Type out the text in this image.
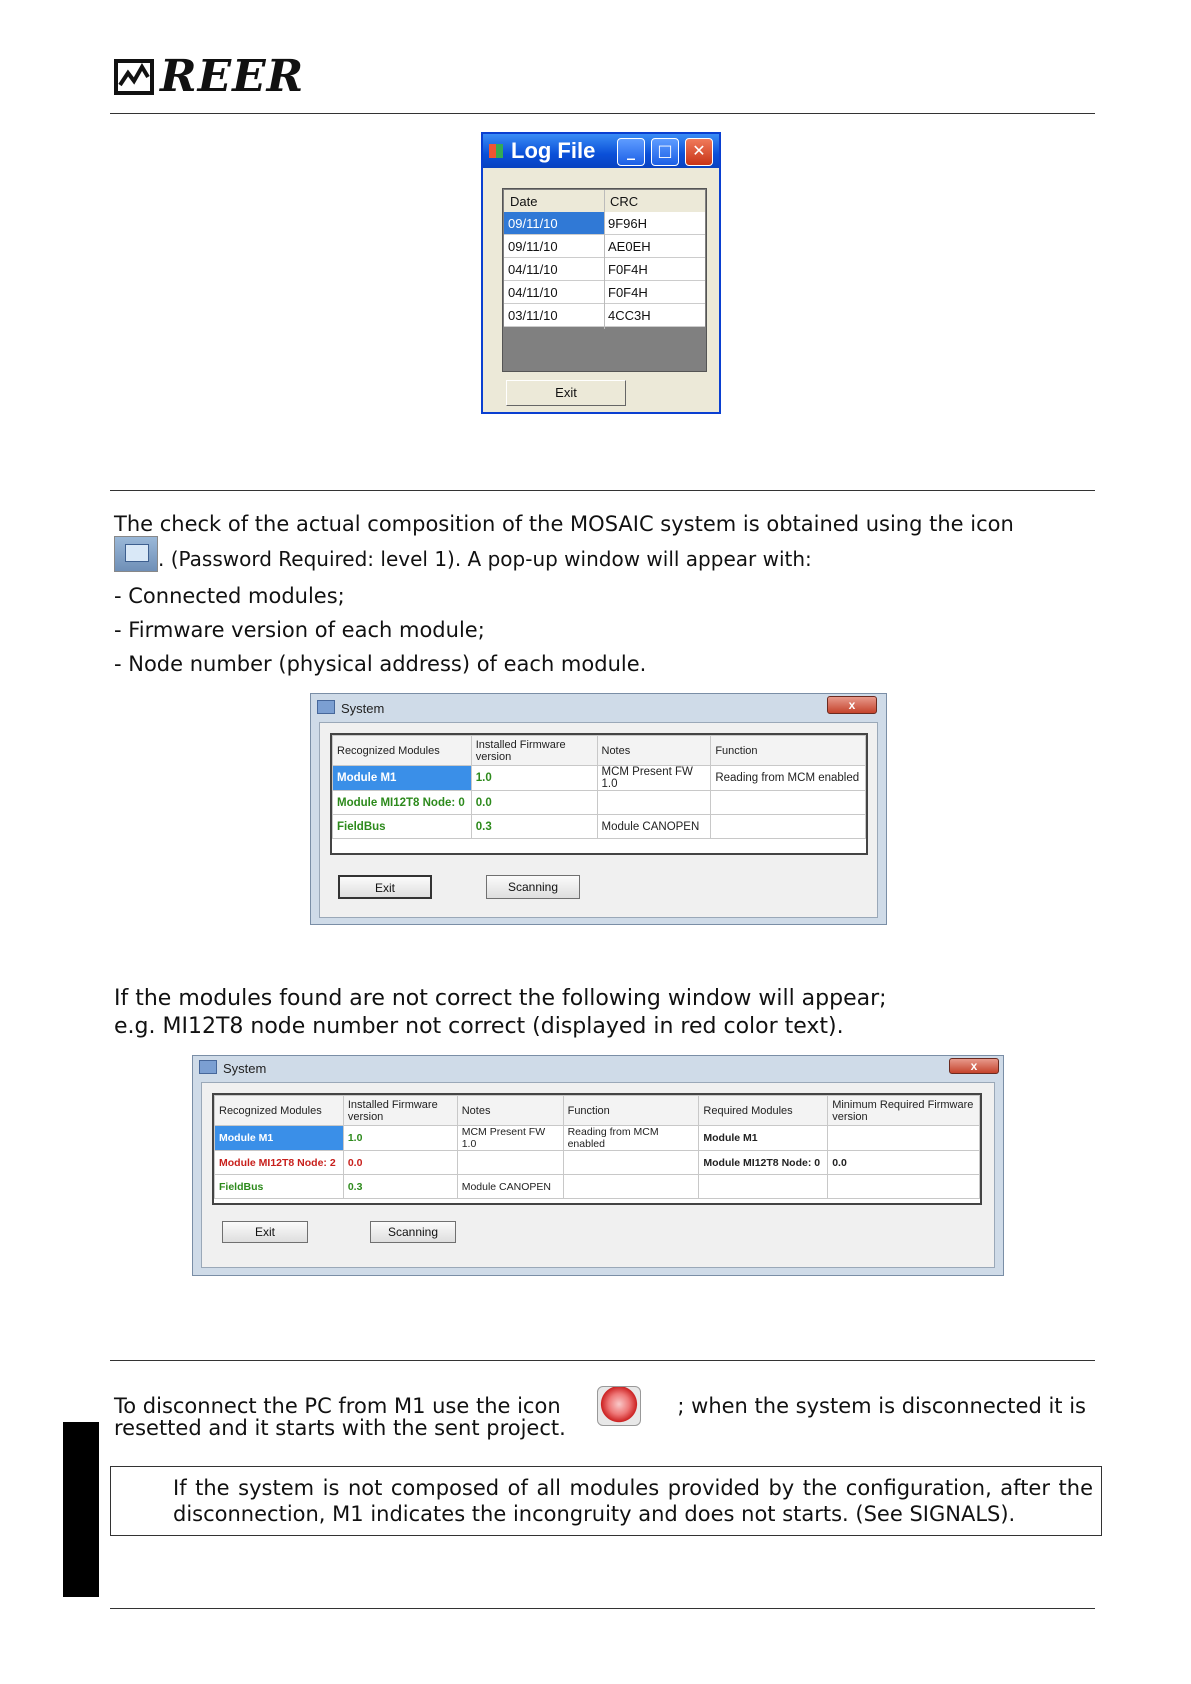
REER
Log File	_	□	✕
Date	CRC
09/11/10	9F96H
09/11/10	AE0EH
04/11/10	F0F4H
04/11/10	F0F4H
03/11/10	4CC3H
Exit
The check of the actual composition of the MOSAIC system is obtained using the icon
. (Password Required: level 1). A pop-up window will appear with:
- Connected modules;
- Firmware version of each module;
- Node number (physical address) of each module.
System	x
Recognized Modules	Installed Firmware version	Notes	Function
Module M1	1.0	MCM Present FW 1.0	Reading from MCM enabled
Module MI12T8 Node: 0	0.0		
FieldBus	0.3	Module CANOPEN	
Exit	Scanning
If the modules found are not correct the following window will appear;
e.g. MI12T8 node number not correct (displayed in red color text).
System	x
Recognized Modules	Installed Firmware version	Notes	Function	Required Modules	Minimum Required Firmware version
Module M1	1.0	MCM Present FW 1.0	Reading from MCM enabled	Module M1	
Module MI12T8 Node: 2	0.0			Module MI12T8 Node: 0	0.0
FieldBus	0.3	Module CANOPEN			
Exit	Scanning
To disconnect the PC from M1 use the icon	; when the system is disconnected it is
resetted and it starts with the sent project.

If the system is not composed of all modules provided by the configuration, after the disconnection, M1 indicates the incongruity and does not starts. (See SIGNALS).
